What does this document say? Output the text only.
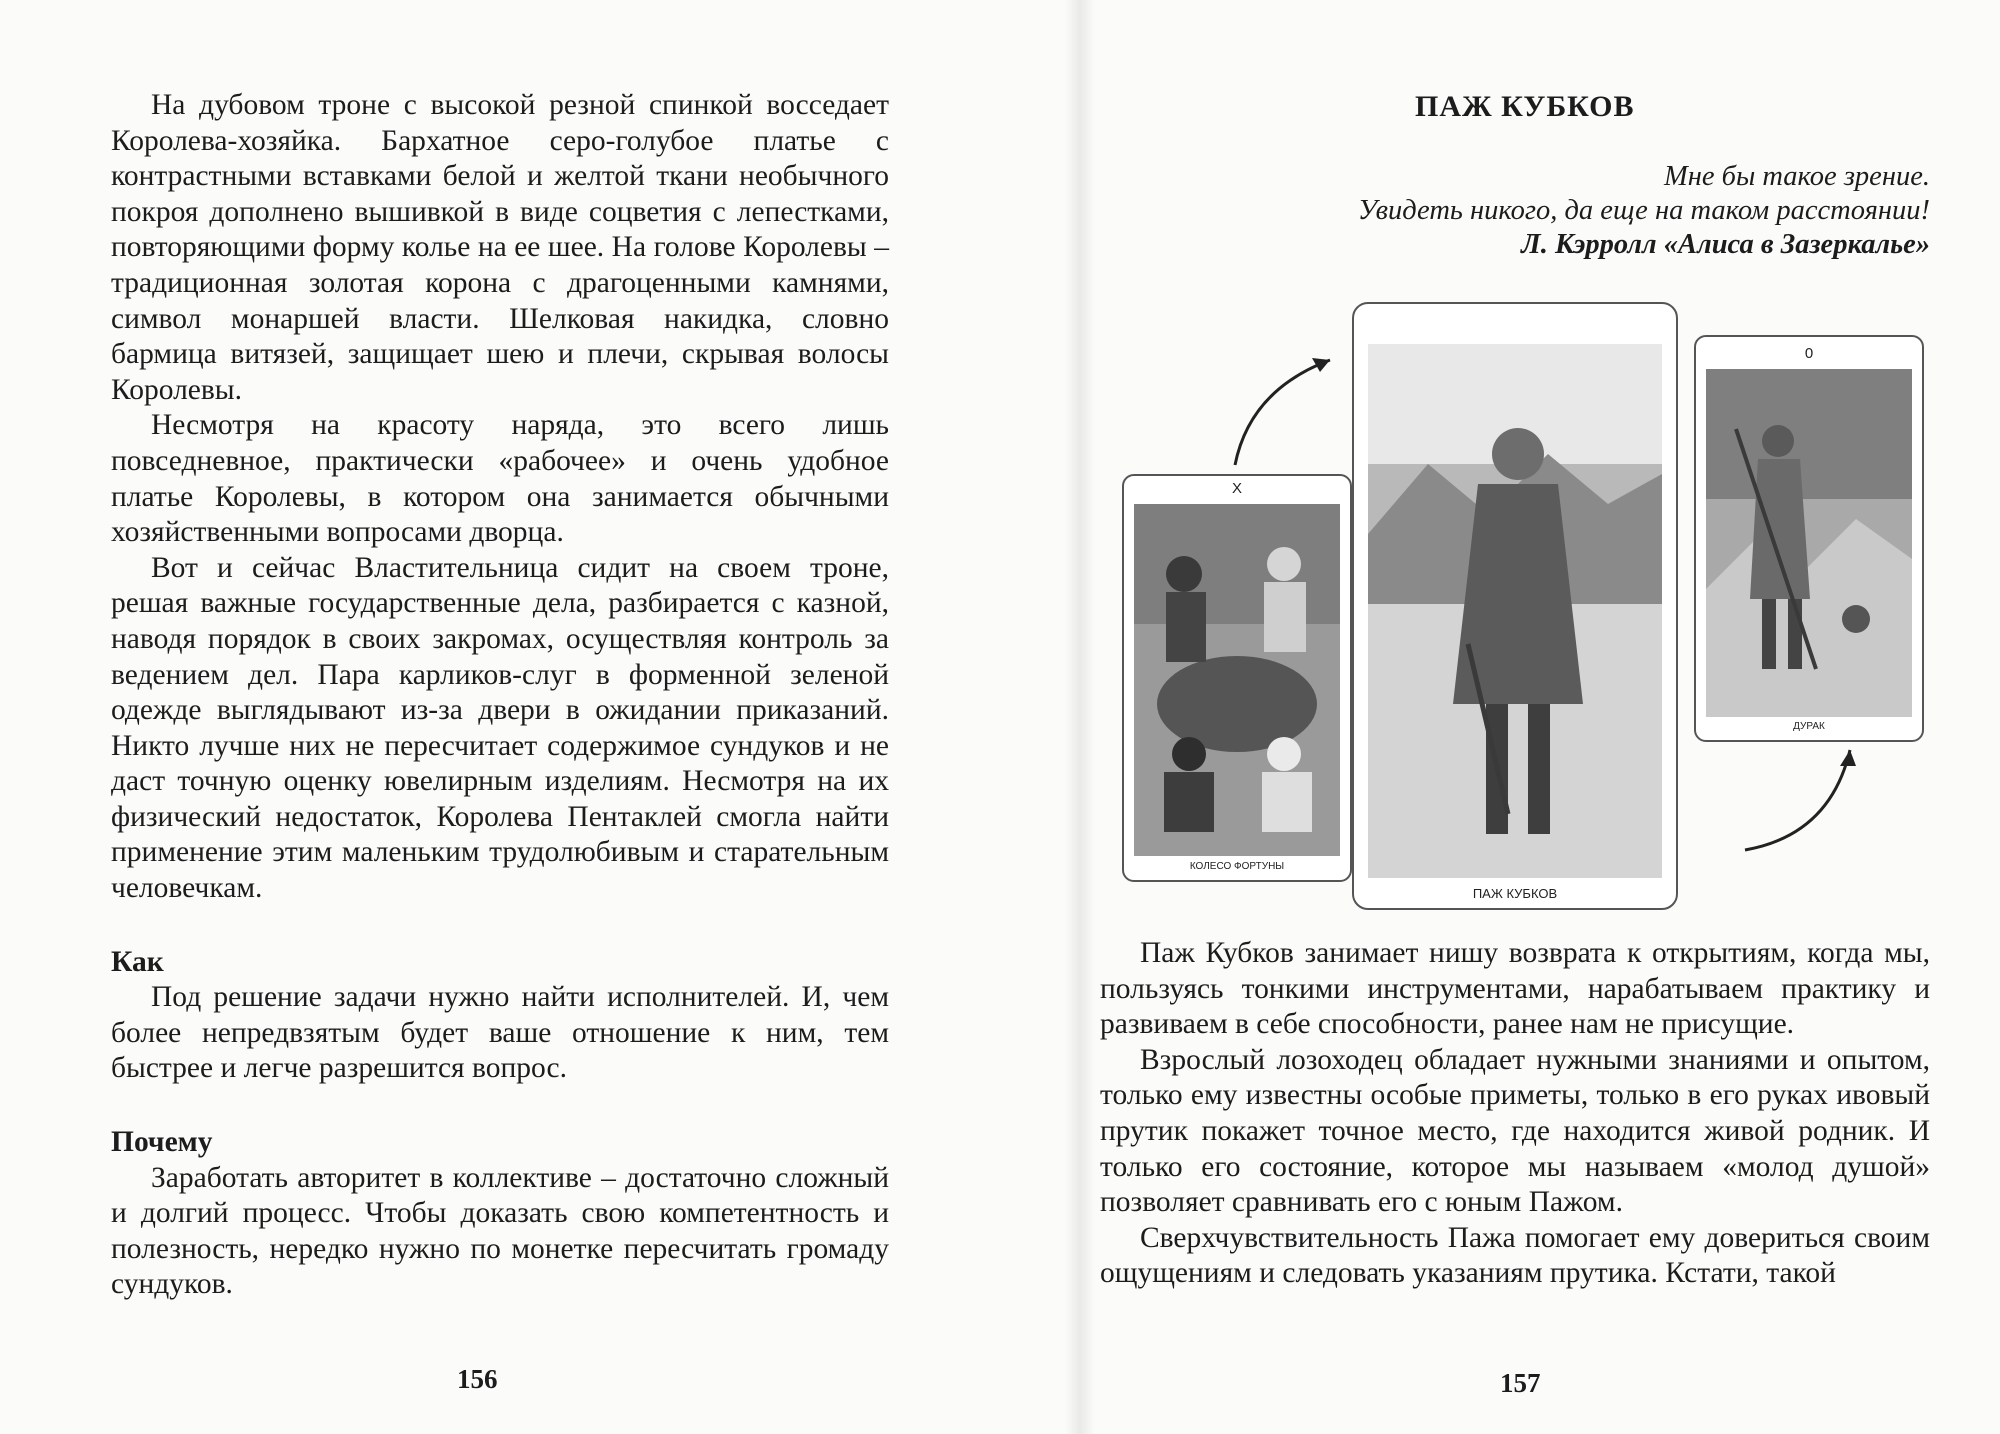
На дубовом троне с высокой резной спинкой восседает Королева-хозяйка. Бархатное серо-голубое платье с контрастными вставками белой и желтой ткани необычного покроя дополнено вышивкой в виде соцветия с лепестками, повторяющими форму колье на ее шее. На голове Королевы – традиционная золотая корона с драгоценными камнями, символ монаршей власти. Шелковая накидка, словно бармица витязей, защищает шею и плечи, скрывая волосы Королевы.

Несмотря на красоту наряда, это всего лишь повседневное, практически «рабочее» и очень удобное платье Королевы, в котором она занимается обычными хозяйственными вопросами дворца.

Вот и сейчас Властительница сидит на своем троне, решая важные государственные дела, разбирается с казной, наводя порядок в своих закромах, осуществляя контроль за ведением дел. Пара карликов-слуг в форменной зеленой одежде выглядывают из-за двери в ожидании приказаний. Никто лучше них не пересчитает содержимое сундуков и не даст точную оценку ювелирным изделиям. Несмотря на их физический недостаток, Королева Пентаклей смогла найти применение этим маленьким трудолюбивым и старательным человечкам.

Как

Под решение задачи нужно найти исполнителей. И, чем более непредвзятым будет ваше отношение к ним, тем быстрее и легче разрешится вопрос.

Почему

Заработать авторитет в коллективе – достаточно сложный и долгий процесс. Чтобы доказать свою компетентность и полезность, нередко нужно по монетке пересчитать громаду сундуков.

156
ПАЖ КУБКОВ
Мне бы такое зрение.
Увидеть никого, да еще на таком расстоянии!
Л. Кэрролл «Алиса в Зазеркалье»
X
КОЛЕСО ФОРТУНЫ
ПАЖ КУБКОВ
0
ДУРАК

Паж Кубков занимает нишу возврата к открытиям, когда мы, пользуясь тонкими инструментами, нарабатываем практику и развиваем в себе способности, ранее нам не присущие.

Взрослый лозоходец обладает нужными знаниями и опытом, только ему известны особые приметы, только в его руках ивовый прутик покажет точное место, где находится живой родник. И только его состояние, которое мы называем «молод душой» позволяет сравнивать его с юным Пажом.

Сверхчувствительность Пажа помогает ему довериться своим ощущениям и следовать указаниям прутика. Кстати, такой

157
